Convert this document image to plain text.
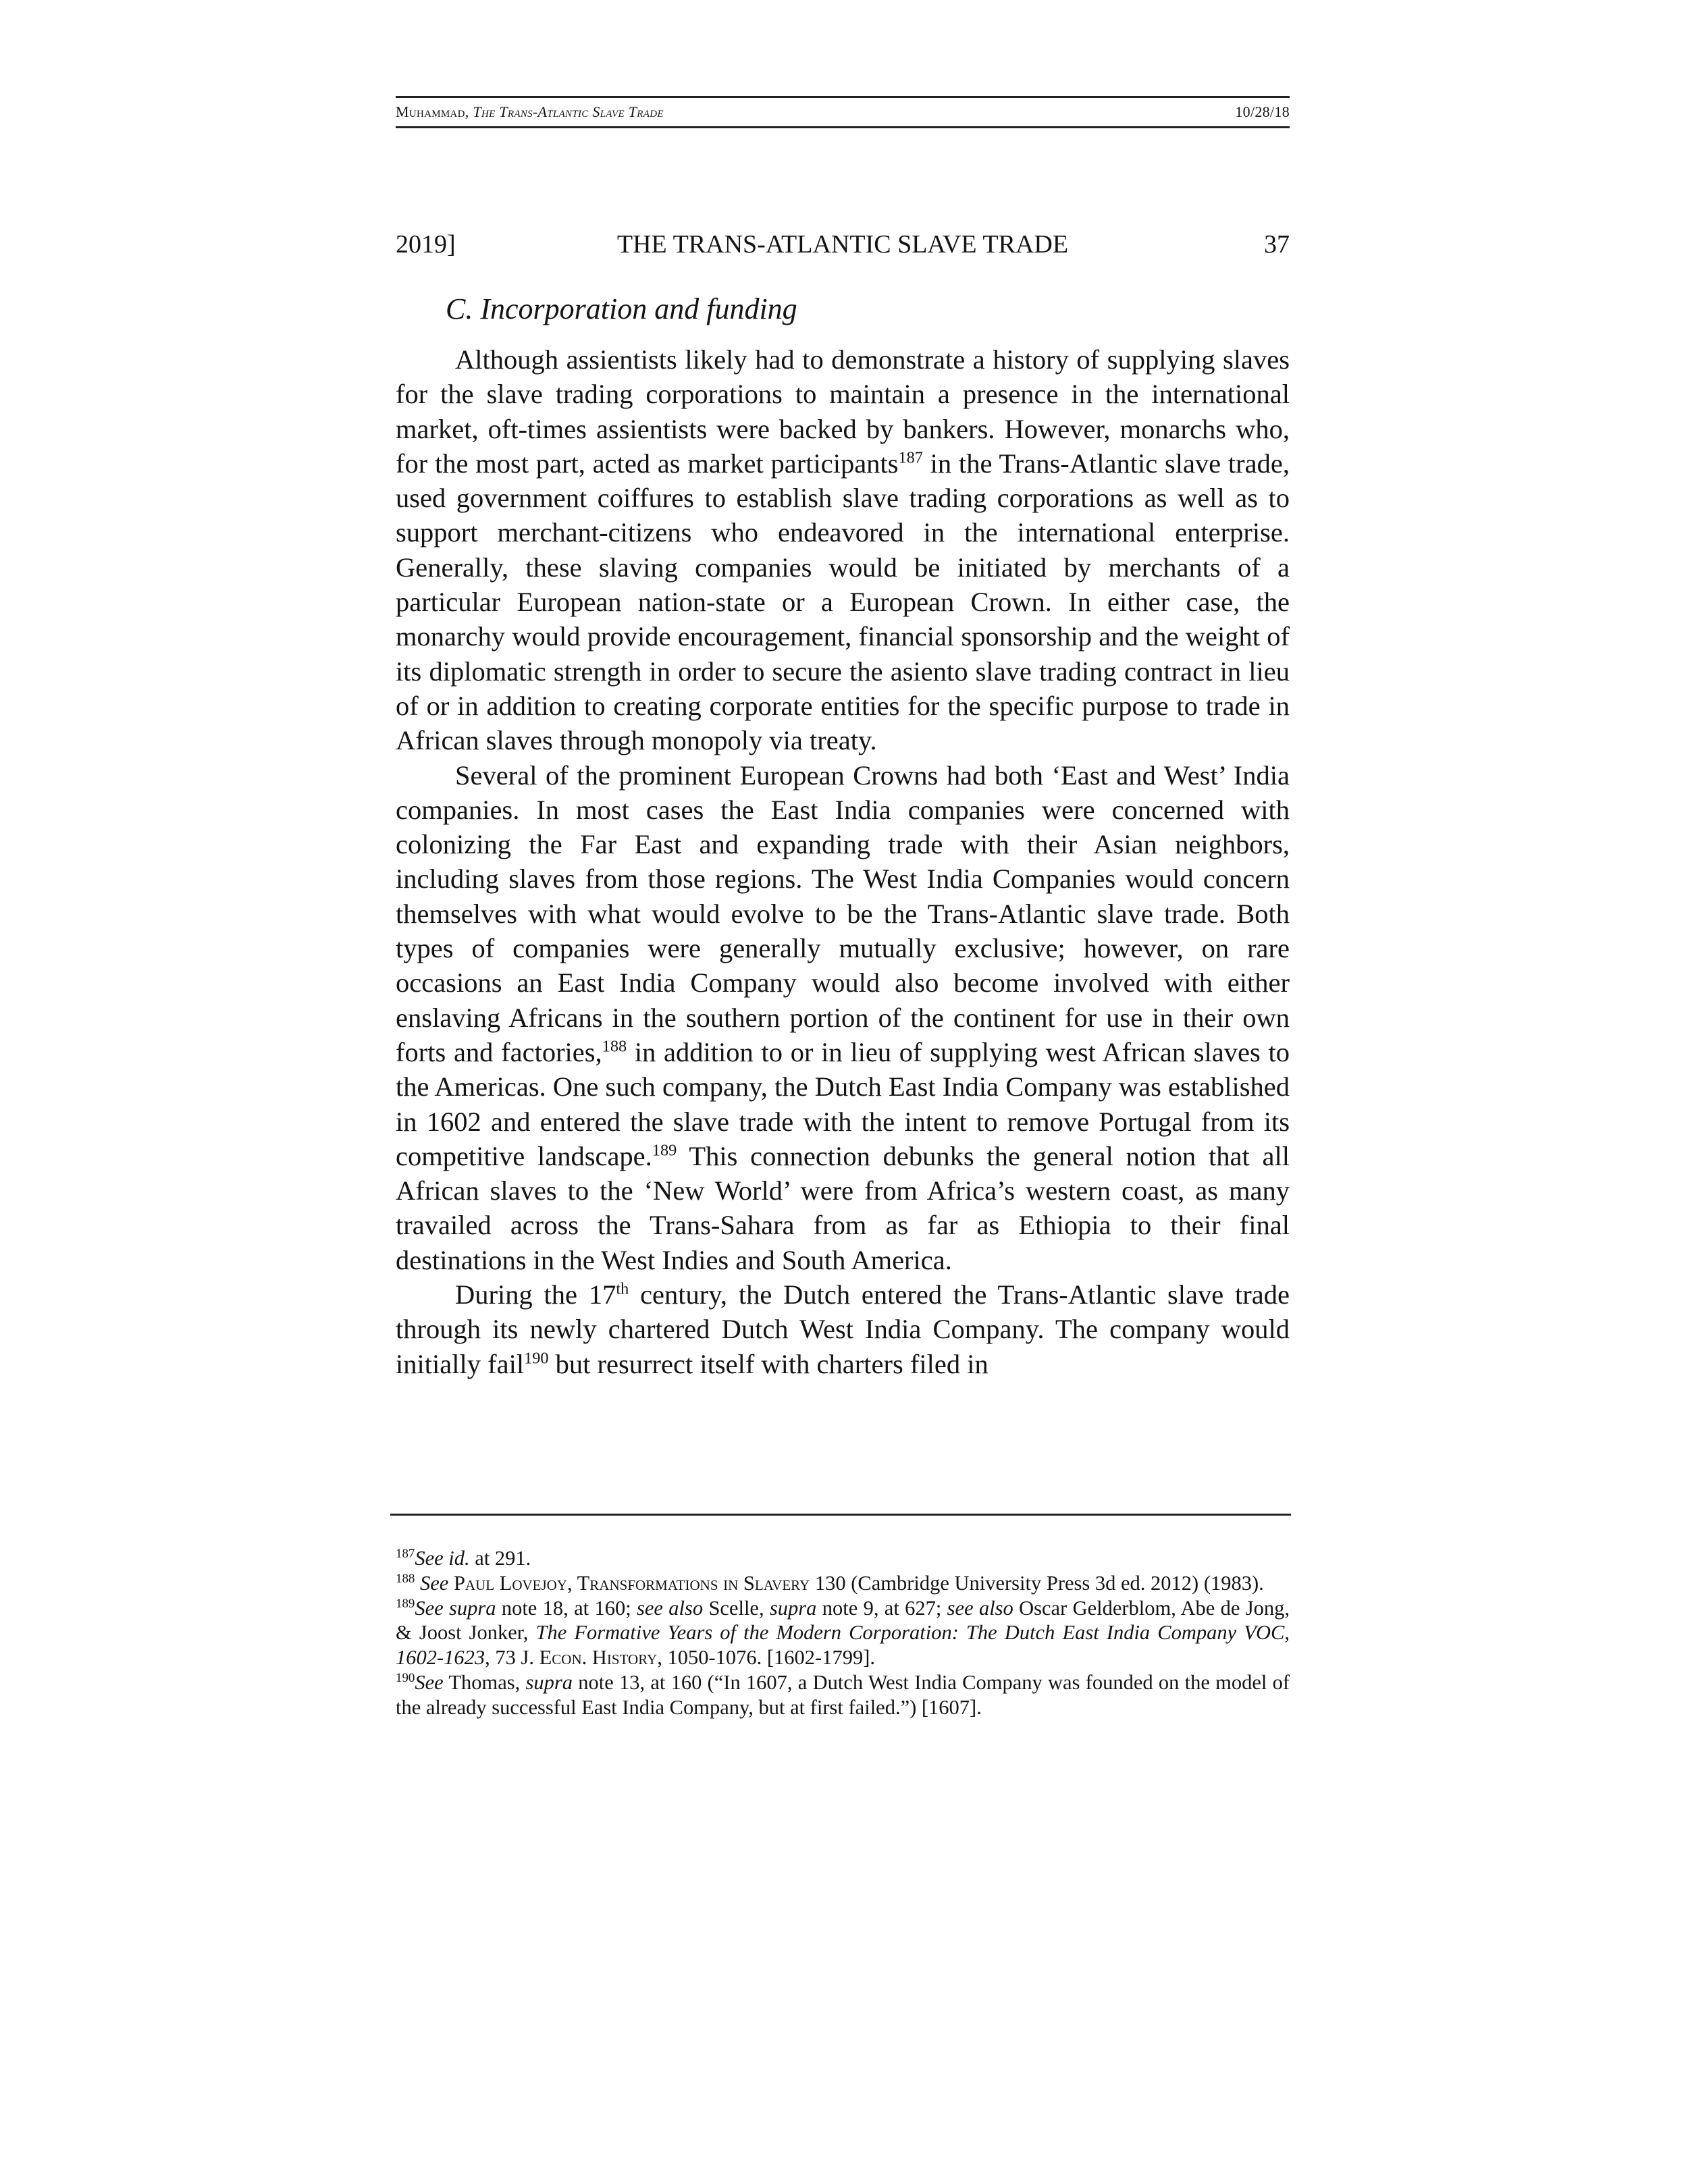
Muhammad, The Trans-Atlantic Slave Trade	10/28/18
2019]	THE TRANS-ATLANTIC SLAVE TRADE	37
C. Incorporation and funding

Although assientists likely had to demonstrate a history of supplying slaves for the slave trading corporations to maintain a presence in the international market, oft-times assientists were backed by bankers. However, monarchs who, for the most part, acted as market participants$^{187}$ in the Trans-Atlantic slave trade, used government coiffures to establish slave trading corporations as well as to support merchant-citizens who endeavored in the international enterprise. Generally, these slaving companies would be initiated by merchants of a particular European nation-state or a European Crown. In either case, the monarchy would provide encouragement, financial sponsorship and the weight of its diplomatic strength in order to secure the asiento slave trading contract in lieu of or in addition to creating corporate entities for the specific purpose to trade in African slaves through monopoly via treaty.

Several of the prominent European Crowns had both ‘East and West’ India companies. In most cases the East India companies were concerned with colonizing the Far East and expanding trade with their Asian neighbors, including slaves from those regions. The West India Companies would concern themselves with what would evolve to be the Trans-Atlantic slave trade. Both types of companies were generally mutually exclusive; however, on rare occasions an East India Company would also become involved with either enslaving Africans in the southern portion of the continent for use in their own forts and factories,$^{188}$ in addition to or in lieu of supplying west African slaves to the Americas. One such company, the Dutch East India Company was established in 1602 and entered the slave trade with the intent to remove Portugal from its competitive landscape.$^{189}$ This connection debunks the general notion that all African slaves to the ‘New World’ were from Africa’s western coast, as many travailed across the Trans-Sahara from as far as Ethiopia to their final destinations in the West Indies and South America.

During the 17th century, the Dutch entered the Trans-Atlantic slave trade through its newly chartered Dutch West India Company. The company would initially fail$^{190}$ but resurrect itself with charters filed in

$^{187}$See id. at 291.

$^{188}$ See Paul Lovejoy, Transformations in Slavery 130 (Cambridge University Press 3d ed. 2012) (1983).

$^{189}$See supra note 18, at 160; see also Scelle, supra note 9, at 627; see also Oscar Gelderblom, Abe de Jong, & Joost Jonker, The Formative Years of the Modern Corporation: The Dutch East India Company VOC, 1602-1623, 73 J. Econ. History, 1050-1076. [1602-1799].

$^{190}$See Thomas, supra note 13, at 160 (“In 1607, a Dutch West India Company was founded on the model of the already successful East India Company, but at first failed.”) [1607].
